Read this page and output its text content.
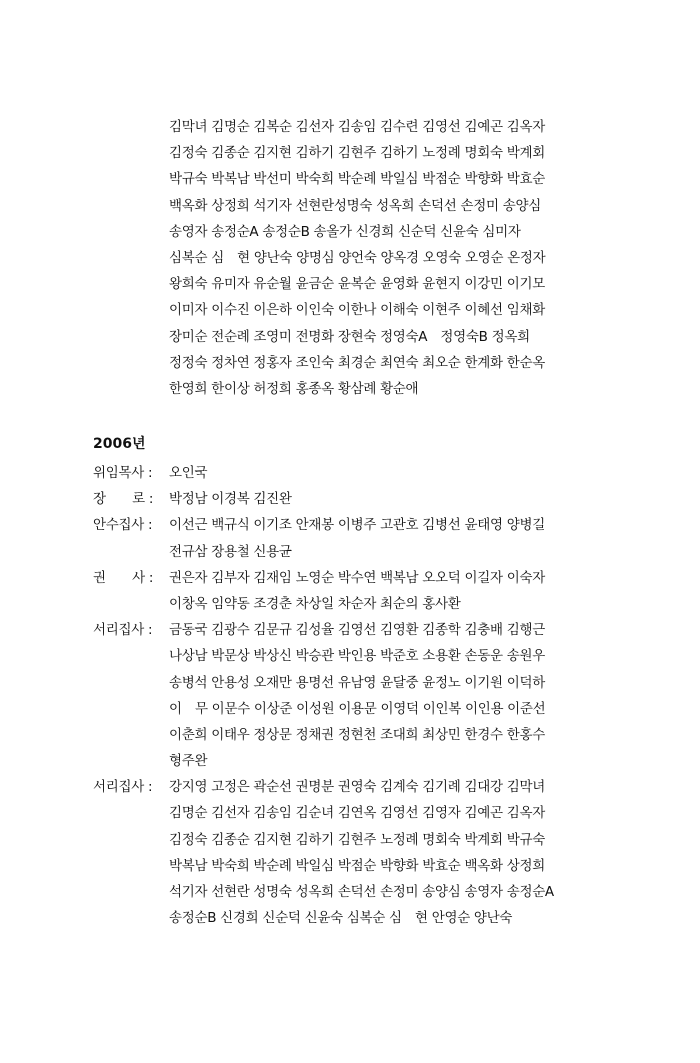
김막녀 김명순 김복순 김선자 김송임 김수련 김영선 김예곤 김옥자
김정숙 김종순 김지현 김하기 김현주 김하기 노정례 명회숙 박계회
박규숙 박복남 박선미 박숙희 박순례 박일심 박점순 박향화 박효순
백옥화 상정희 석기자 선현란성명숙 성옥희 손덕선 손정미 송양심
송영자 송정순A 송정순B 송올가 신경희 신순덕 신윤숙 심미자
심복순 심　현 양난숙 양명심 양언숙 양옥경 오영숙 오영순 온정자
왕희숙 유미자 유순월 윤금순 윤복순 윤영화 윤현지 이강민 이기모
이미자 이수진 이은하 이인숙 이한나 이해숙 이현주 이혜선 임채화
장미순 전순례 조영미 전명화 장현숙 정영숙A　정영숙B 정옥희
정정숙 정차연 정홍자 조인숙 최경순 최연숙 최오순 한계화 한순옥
한영희 한이상 허정희 홍종옥 황삼례 황순애
2006년
위임목사 :	오인국
장　　로 :	박정남 이경복 김진완
안수집사 :	이선근 백규식 이기조 안재봉 이병주 고관호 김병선 윤태영 양병길
전규삼 장용철 신용균
권　　사 :	권은자 김부자 김재임 노영순 박수연 백복남 오오덕 이길자 이숙자
이창옥 임약동 조경춘 차상일 차순자 최순의 홍사환
서리집사 :	금동국 김광수 김문규 김성율 김영선 김영환 김종학 김충배 김행근
나상남 박문상 박상신 박승관 박인용 박준호 소용환 손동운 송원우
송병석 안용성 오재만 용명선 유남영 윤달중 윤정노 이기원 이덕하
이　무 이문수 이상준 이성원 이용문 이영덕 이인복 이인용 이준선
이춘희 이태우 정상문 정채권 정현천 조대희 최상민 한경수 한홍수
형주완
서리집사 :	강지영 고정은 곽순선 권명분 권영숙 김계숙 김기례 김대강 김막녀
김명순 김선자 김송임 김순녀 김연옥 김영선 김영자 김예곤 김옥자
김정숙 김종순 김지현 김하기 김현주 노정례 명회숙 박계회 박규숙
박복남 박숙희 박순례 박일심 박점순 박향화 박효순 백옥화 상정희
석기자 선현란 성명숙 성옥희 손덕선 손정미 송양심 송영자 송정순A
송정순B 신경희 신순덕 신윤숙 심복순 심　현 안영순 양난숙
